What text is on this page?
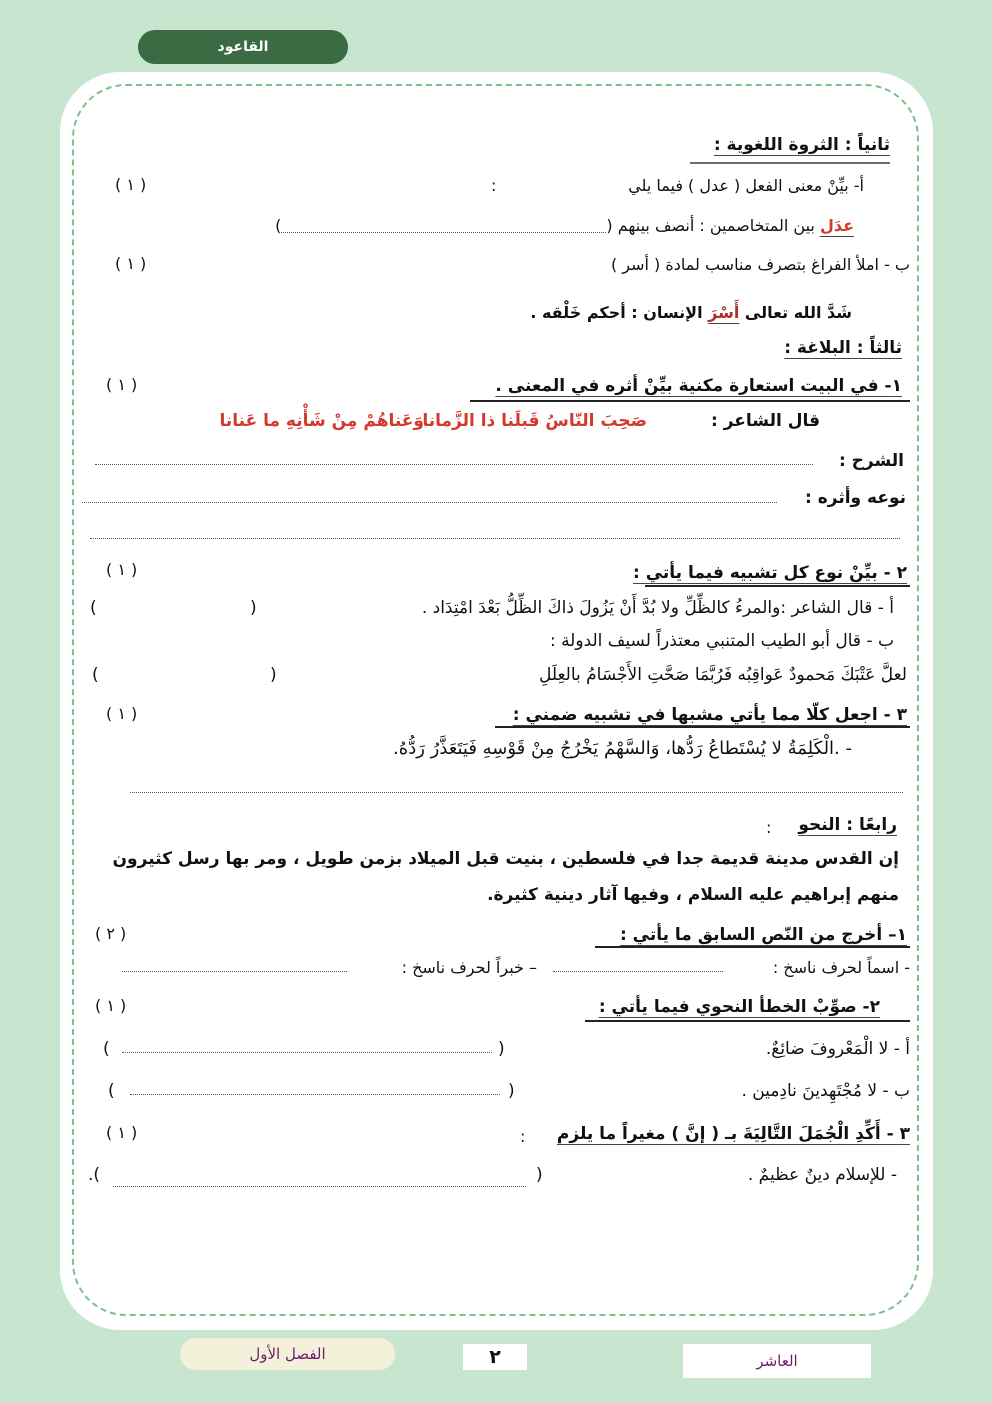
القاعود
ثانياً : الثروة اللغوية :
أ- بيِّنْ معنى الفعل ( عدل ) فيما يلي
:
( ١ )
عدَل بين المتخاصمين : أنصف بينهم ()
ب - املأ الفراغ بتصرف مناسب لمادة ( أسر )
( ١ )
شَدَّ الله تعالى أَسْرَ الإنسان : أحكم خَلْقه .
ثالثاً : البلاغة :
١- في البيت استعارة مكنية بيِّنْ أثره في المعنى .
( ١ )
قال الشاعر :
صَحِبَ النّاسُ قَبلَنا ذا الزَّمانا
وَعَناهُمْ مِنْ شَأْنِهِ ما عَنانا
الشرح :
نوعه وأثره :
٢ - بيِّنْ نوع كل تشبيه فيما يأتي :
( ١ )
أ - قال الشاعر :والمرءُ كالظِّلِّ ولا بُدَّ أَنْ يَزُولَ ذاكَ الظِّلُّ بَعْدَ امْتِدَاد .
(
)
ب - قال أبو الطيب المتنبي معتذراً لسيف الدولة :
لعلَّ عَتْبَكَ مَحمودٌ عَواقِبُه فَرُبَّمَا صَحَّتِ الأَجْسَامُ بالعِلَلِ
(
)
٣ - اجعل كلّا مما يأتي مشبها في تشبيه ضمني :
( ١ )
- .الْكَلِمَةُ لا يُسْتَطاعُ رَدُّها، وَالسَّهْمُ يَخْرُجُ مِنْ قَوْسِهِ فَيَتَعَذَّرُ رَدُّهُ.
رابعًا : النحو
:
إن القدس مدينة قديمة جدا في فلسطين ، بنيت قبل الميلاد بزمن طويل ، ومر بها رسل كثيرون
منهم إبراهيم عليه السلام ، وفيها آثار دينية كثيرة.
١– أخرج من النّص السابق ما يأتي :
( ٢ )
- اسماً لحرف ناسخ :
– خبراً لحرف ناسخ :
٢- صوِّبْ الخطأ النحوي فيما يأتي :
( ١ )
أ - لا الْمَعْروفَ ضائِعٌ.
(
)
ب - لا مُجْتَهِدينَ نادِمين .
(
)
٣ - أَكِّدِ الْجُمَلَ التَّالِيَةَ بـ ( إنَّ ) مغيراً ما يلزم
:
( ١ )
- للإسلام دينٌ عظيمٌ .
(
).
الفصل الأول	٢	العاشر
